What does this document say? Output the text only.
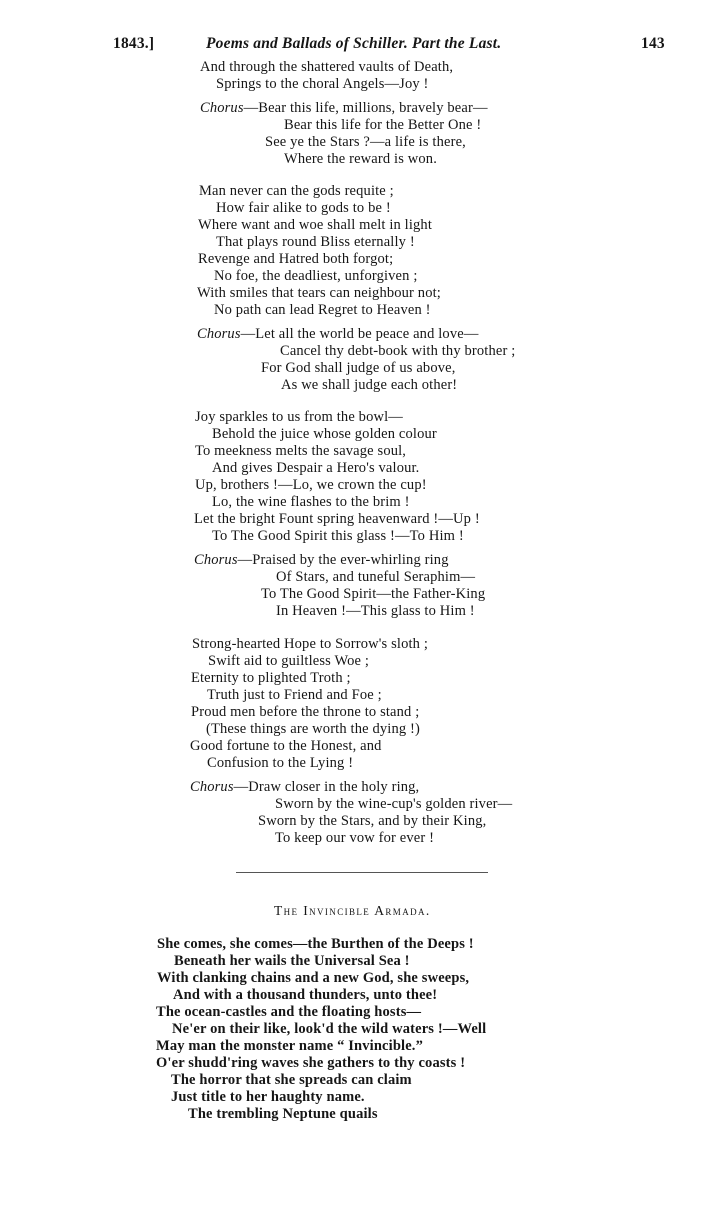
1843.]	Poems and Ballads of Schiller. Part the Last.	143
And through the shattered vaults of Death,
Springs to the choral Angels—Joy !
Chorus—Bear this life, millions, bravely bear—
Bear this life for the Better One !
See ye the Stars ?—a life is there,
Where the reward is won.
Man never can the gods requite ;
How fair alike to gods to be !
Where want and woe shall melt in light
That plays round Bliss eternally !
Revenge and Hatred both forgot;
No foe, the deadliest, unforgiven ;
With smiles that tears can neighbour not;
No path can lead Regret to Heaven !
Chorus—Let all the world be peace and love—
Cancel thy debt-book with thy brother ;
For God shall judge of us above,
As we shall judge each other!
Joy sparkles to us from the bowl—
Behold the juice whose golden colour
To meekness melts the savage soul,
And gives Despair a Hero's valour.
Up, brothers !—Lo, we crown the cup!
Lo, the wine flashes to the brim !
Let the bright Fount spring heavenward !—Up !
To The Good Spirit this glass !—To Him !
Chorus—Praised by the ever-whirling ring
Of Stars, and tuneful Seraphim—
To The Good Spirit—the Father-King
In Heaven !—This glass to Him !
Strong-hearted Hope to Sorrow's sloth ;
Swift aid to guiltless Woe ;
Eternity to plighted Troth ;
Truth just to Friend and Foe ;
Proud men before the throne to stand ;
(These things are worth the dying !)
Good fortune to the Honest, and
Confusion to the Lying !
Chorus—Draw closer in the holy ring,
Sworn by the wine-cup's golden river—
Sworn by the Stars, and by their King,
To keep our vow for ever !
The Invincible Armada.
She comes, she comes—the Burthen of the Deeps !
Beneath her wails the Universal Sea !
With clanking chains and a new God, she sweeps,
And with a thousand thunders, unto thee!
The ocean-castles and the floating hosts—
Ne'er on their like, look'd the wild waters !—Well
May man the monster name “ Invincible.”
O'er shudd'ring waves she gathers to thy coasts !
The horror that she spreads can claim
Just title to her haughty name.
The trembling Neptune quails
